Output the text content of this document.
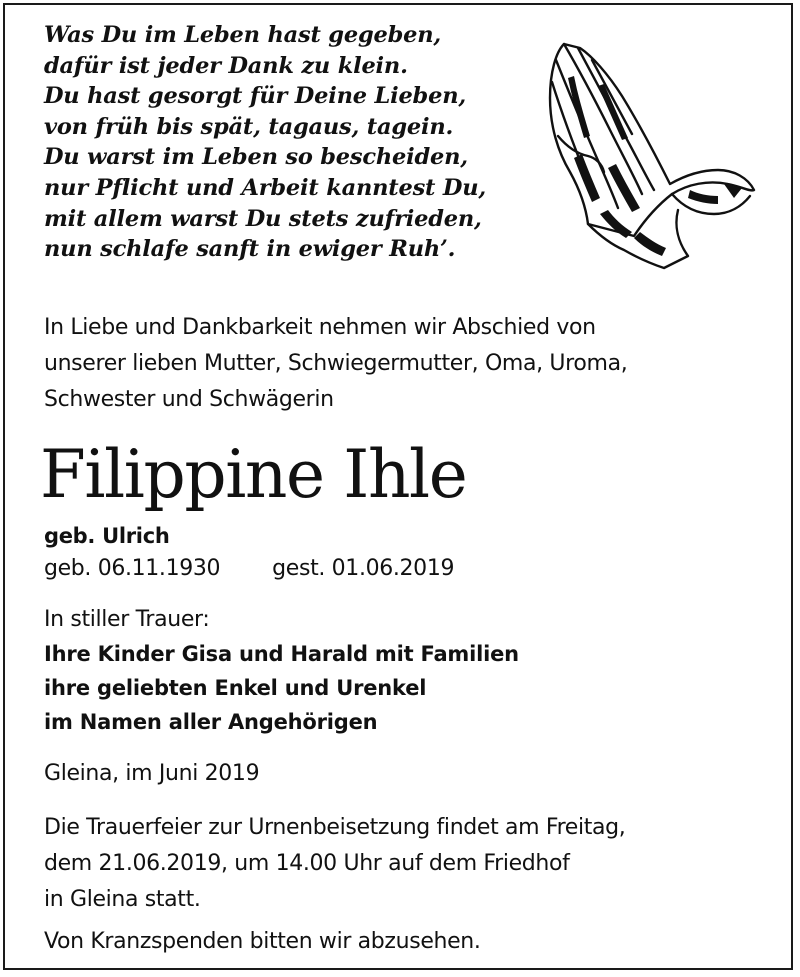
Was Du im Leben hast gegeben,
dafür ist jeder Dank zu klein.
Du hast gesorgt für Deine Lieben,
von früh bis spät, tagaus, tagein.
Du warst im Leben so bescheiden,
nur Pflicht und Arbeit kanntest Du,
mit allem warst Du stets zufrieden,
nun schlafe sanft in ewiger Ruh’.

In Liebe und Dankbarkeit nehmen wir Abschied von
unserer lieben Mutter, Schwiegermutter, Oma, Uroma,
Schwester und Schwägerin

Filippine Ihle
geb. Ulrich
geb. 06.11.1930 gest. 01.06.2019
In stiller Trauer:
Ihre Kinder Gisa und Harald mit Familien
ihre geliebten Enkel und Urenkel
im Namen aller Angehörigen
Gleina, im Juni 2019
Die Trauerfeier zur Urnenbeisetzung findet am Freitag,
dem 21.06.2019, um 14.00 Uhr auf dem Friedhof
in Gleina statt.
Von Kranzspenden bitten wir abzusehen.
